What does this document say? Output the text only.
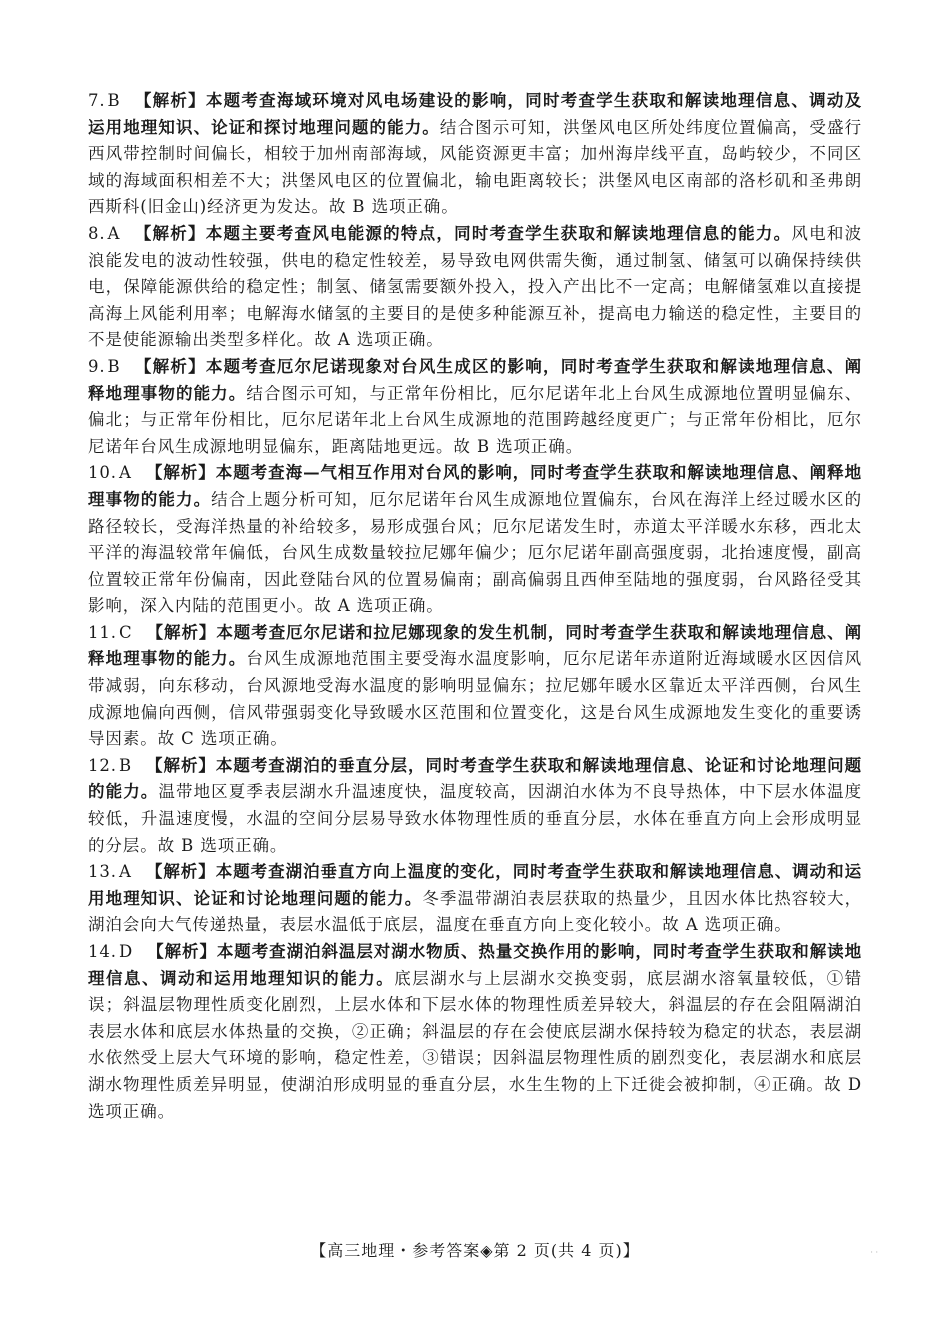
7. B 【解析】本题考查海域环境对风电场建设的影响，同时考查学生获取和解读地理信息、调动及运用地理知识、论证和探讨地理问题的能力。结合图示可知，洪堡风电区所处纬度位置偏高，受盛行西风带控制时间偏长，相较于加州南部海域，风能资源更丰富；加州海岸线平直，岛屿较少，不同区域的海域面积相差不大；洪堡风电区的位置偏北，输电距离较长；洪堡风电区南部的洛杉矶和圣弗朗西斯科(旧金山)经济更为发达。故 B 选项正确。
8. A 【解析】本题主要考查风电能源的特点，同时考查学生获取和解读地理信息的能力。风电和波浪能发电的波动性较强，供电的稳定性较差，易导致电网供需失衡，通过制氢、储氢可以确保持续供电，保障能源供给的稳定性；制氢、储氢需要额外投入，投入产出比不一定高；电解储氢难以直接提高海上风能利用率；电解海水储氢的主要目的是使多种能源互补，提高电力输送的稳定性，主要目的不是使能源输出类型多样化。故 A 选项正确。
9. B 【解析】本题考查厄尔尼诺现象对台风生成区的影响，同时考查学生获取和解读地理信息、阐释地理事物的能力。结合图示可知，与正常年份相比，厄尔尼诺年北上台风生成源地位置明显偏东、偏北；与正常年份相比，厄尔尼诺年北上台风生成源地的范围跨越经度更广；与正常年份相比，厄尔尼诺年台风生成源地明显偏东，距离陆地更远。故 B 选项正确。
10. A 【解析】本题考查海—气相互作用对台风的影响，同时考查学生获取和解读地理信息、阐释地理事物的能力。结合上题分析可知，厄尔尼诺年台风生成源地位置偏东，台风在海洋上经过暖水区的路径较长，受海洋热量的补给较多，易形成强台风；厄尔尼诺发生时，赤道太平洋暖水东移，西北太平洋的海温较常年偏低，台风生成数量较拉尼娜年偏少；厄尔尼诺年副高强度弱，北抬速度慢，副高位置较正常年份偏南，因此登陆台风的位置易偏南；副高偏弱且西伸至陆地的强度弱，台风路径受其影响，深入内陆的范围更小。故 A 选项正确。
11. C 【解析】本题考查厄尔尼诺和拉尼娜现象的发生机制，同时考查学生获取和解读地理信息、阐释地理事物的能力。台风生成源地范围主要受海水温度影响，厄尔尼诺年赤道附近海域暖水区因信风带减弱，向东移动，台风源地受海水温度的影响明显偏东；拉尼娜年暖水区靠近太平洋西侧，台风生成源地偏向西侧，信风带强弱变化导致暖水区范围和位置变化，这是台风生成源地发生变化的重要诱导因素。故 C 选项正确。
12. B 【解析】本题考查湖泊的垂直分层，同时考查学生获取和解读地理信息、论证和讨论地理问题的能力。温带地区夏季表层湖水升温速度快，温度较高，因湖泊水体为不良导热体，中下层水体温度较低，升温速度慢，水温的空间分层易导致水体物理性质的垂直分层，水体在垂直方向上会形成明显的分层。故 B 选项正确。
13. A 【解析】本题考查湖泊垂直方向上温度的变化，同时考查学生获取和解读地理信息、调动和运用地理知识、论证和讨论地理问题的能力。冬季温带湖泊表层获取的热量少，且因水体比热容较大，湖泊会向大气传递热量，表层水温低于底层，温度在垂直方向上变化较小。故 A 选项正确。
14. D 【解析】本题考查湖泊斜温层对湖水物质、热量交换作用的影响，同时考查学生获取和解读地理信息、调动和运用地理知识的能力。底层湖水与上层湖水交换变弱，底层湖水溶氧量较低，①错误；斜温层物理性质变化剧烈，上层水体和下层水体的物理性质差异较大，斜温层的存在会阻隔湖泊表层水体和底层水体热量的交换，②正确；斜温层的存在会使底层湖水保持较为稳定的状态，表层湖水依然受上层大气环境的影响，稳定性差，③错误；因斜温层物理性质的剧烈变化，表层湖水和底层湖水物理性质差异明显，使湖泊形成明显的垂直分层，水生生物的上下迁徙会被抑制，④正确。故 D 选项正确。
【高三地理・参考答案◈第 2 页(共 4 页)】	· ·
